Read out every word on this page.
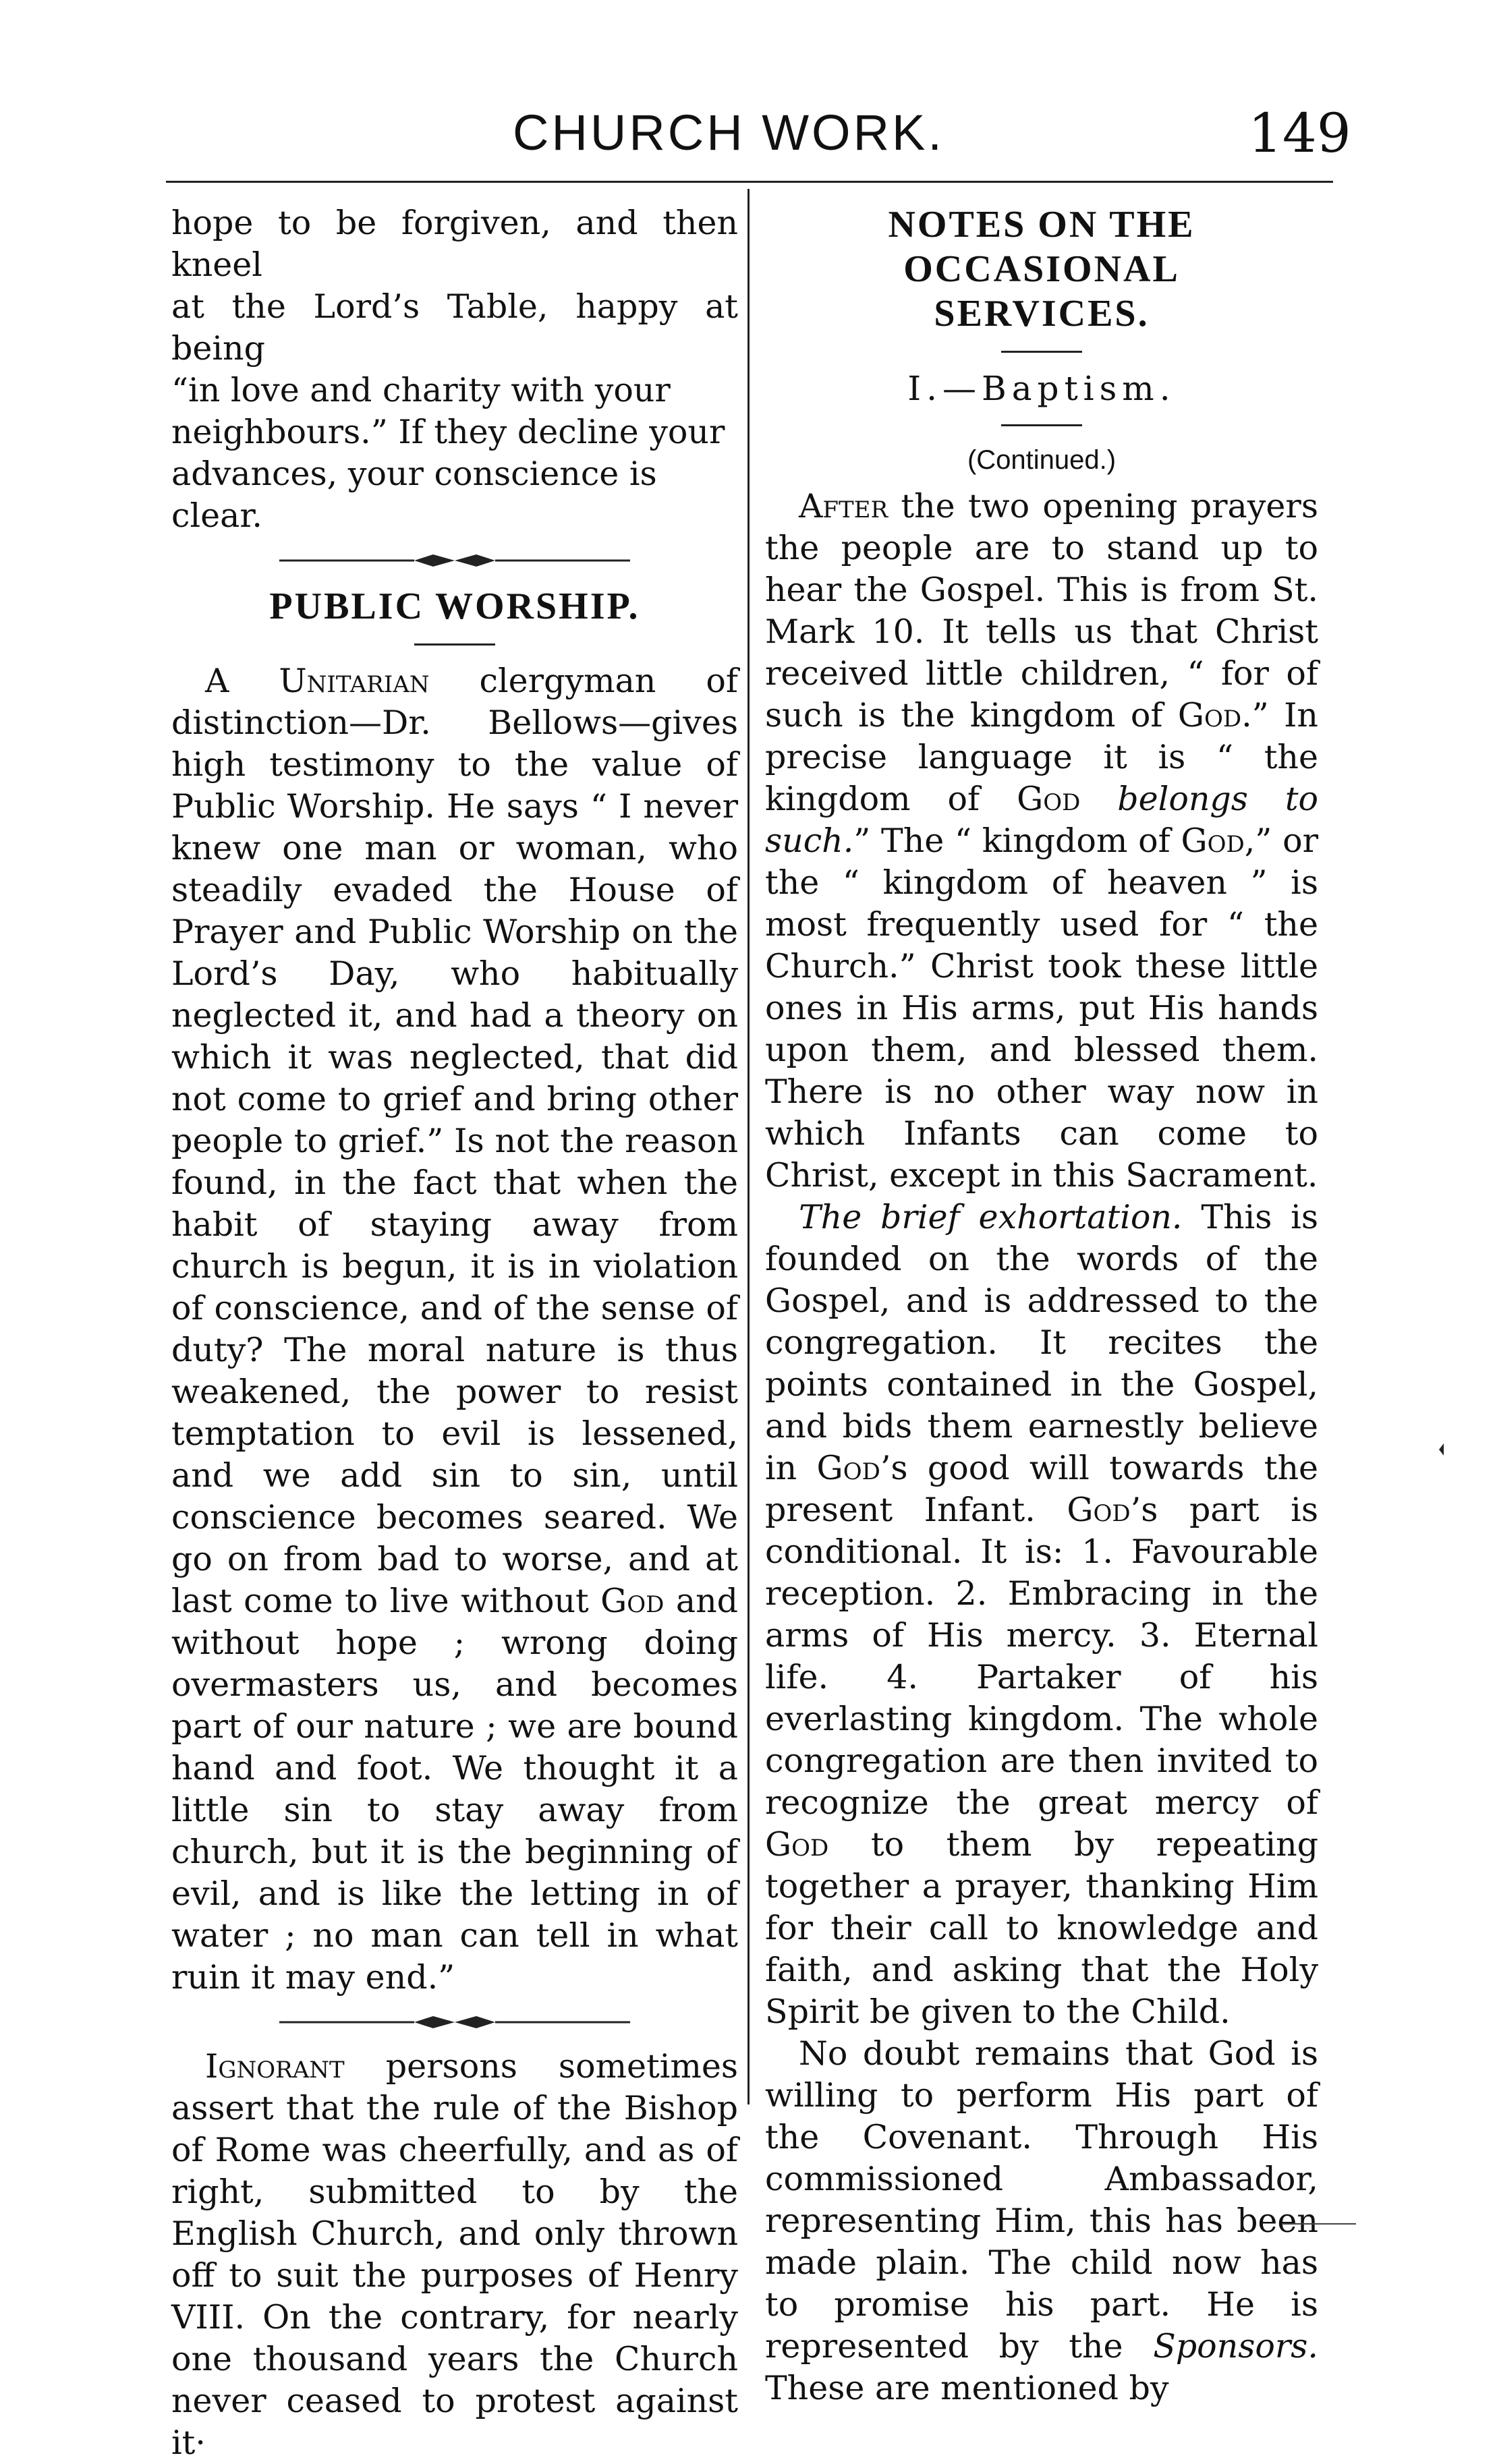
CHURCH WORK.	149

hope to be forgiven, and then kneel

at the Lord’s Table, happy at being

“in love and charity with your

neighbours.” If they decline your

advances, your conscience is clear.

PUBLIC WORSHIP.

A Unitarian clergyman of distinction—Dr. Bellows—gives high testimony to the value of Public Worship. He says “ I never knew one man or woman, who steadily evaded the House of Prayer and Public Worship on the Lord’s Day, who habitually neglected it, and had a theory on which it was neglected, that did not come to grief and bring other people to grief.” Is not the reason found, in the fact that when the habit of staying away from church is begun, it is in violation of conscience, and of the sense of duty? The moral nature is thus weakened, the power to resist temptation to evil is lessened, and we add sin to sin, until conscience becomes seared. We go on from bad to worse, and at last come to live without God and without hope ; wrong doing overmasters us, and becomes part of our nature ; we are bound hand and foot. We thought it a little sin to stay away from church, but it is the beginning of evil, and is like the letting in of water ; no man can tell in what ruin it may end.”

Ignorant persons sometimes assert that the rule of the Bishop of Rome was cheerfully, and as of right, submitted to by the English Church, and only thrown off to suit the purposes of Henry VIII. On the contrary, for nearly one thousand years the Church never ceased to protest against it·

NOTES ON THE OCCASIONAL
SERVICES.
I.—Baptism.
(Continued.)

After the two opening prayers the people are to stand up to hear the Gospel. This is from St. Mark 10. It tells us that Christ received little children, “ for of such is the kingdom of God.” In precise language it is “ the kingdom of God belongs to such.” The “ kingdom of God,” or the “ kingdom of heaven ” is most frequently used for “ the Church.” Christ took these little ones in His arms, put His hands upon them, and blessed them. There is no other way now in which Infants can come to Christ, except in this Sacrament.

The brief exhortation. This is founded on the words of the Gospel, and is addressed to the congregation. It recites the points contained in the Gospel, and bids them earnestly believe in God’s good will towards the present Infant. God’s part is conditional. It is: 1. Favourable reception. 2. Embracing in the arms of His mercy. 3. Eternal life. 4. Partaker of his everlasting kingdom. The whole congregation are then invited to recognize the great mercy of God to them by repeating together a prayer, thanking Him for their call to knowledge and faith, and asking that the Holy Spirit be given to the Child.

No doubt remains that God is willing to perform His part of the Covenant. Through His commissioned Ambassador, representing Him, this has been made plain. The child now has to promise his part. He is represented by the Sponsors. These are mentioned by
